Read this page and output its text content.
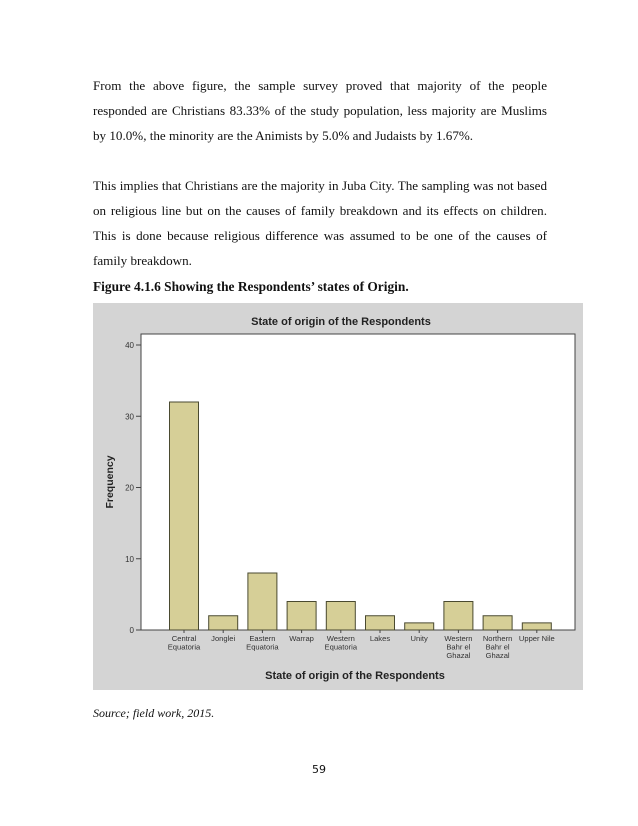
From the above figure, the sample survey proved that majority of the people responded are Christians 83.33% of the study population, less majority are Muslims by 10.0%, the minority are the Animists by 5.0% and Judaists by 1.67%.

This implies that Christians are the majority in Juba City. The sampling was not based on religious line but on the causes of family breakdown and its effects on children. This is done because religious difference was assumed to be one of the causes of family breakdown.

Figure 4.1.6 Showing the Respondents’ states of Origin.

State of origin of the Respondents
0
10
20
30
40
Central Equatoria
Jonglei	Eastern Equatoria
Warrap Western Equatoria
Lakes	Unity Western Bahr el Ghazal
Northern Bahr el Ghazal
Upper Nile
Frequency
State of origin of the Respondents

Source; field work, 2015.

59
